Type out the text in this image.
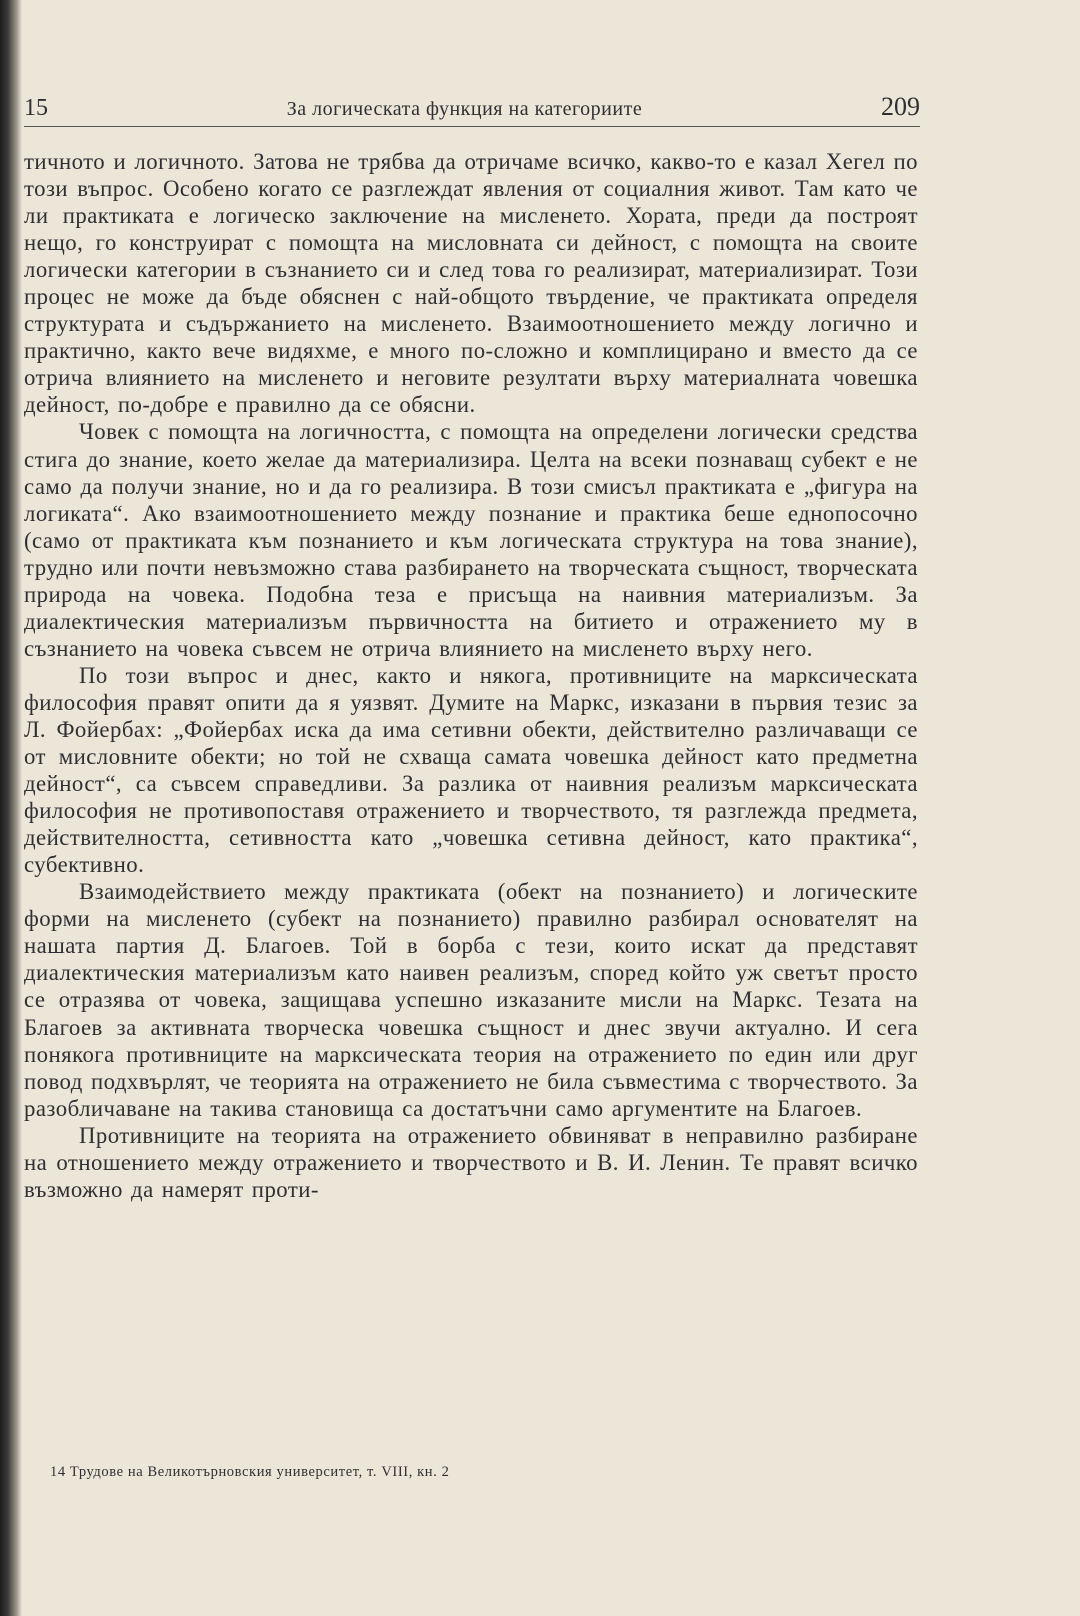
15	За логическата функция на категориите	209

тичното и логичното. Затова не трябва да отричаме всичко, какво-то е казал Хегел по този въпрос. Особено когато се разглеждат явления от социалния живот. Там като че ли практиката е логическо заключение на мисленето. Хората, преди да построят нещо, го конструират с помощта на мисловната си дейност, с помощта на своите логически категории в съзнанието си и след това го реализират, материализират. Този процес не може да бъде обяснен с най-общото твърдение, че практиката определя структурата и съдържанието на мисленето. Взаимоотношението между логично и практично, както вече видяхме, е много по-сложно и комплицирано и вместо да се отрича влиянието на мисленето и неговите резултати върху материалната човешка дейност, по-добре е правилно да се обясни.

Човек с помощта на логичността, с помощта на определени логически средства стига до знание, което желае да материализира. Целта на всеки познаващ субект е не само да получи знание, но и да го реализира. В този смисъл практиката е „фигура на логиката“. Ако взаимоотношението между познание и практика беше еднопосочно (само от практиката към познанието и към логическата структура на това знание), трудно или почти невъзможно става разбирането на творческата същност, творческата природа на човека. Подобна теза е присъща на наивния материализъм. За диалектическия материализъм първичността на битието и отражението му в съзнанието на човека съвсем не отрича влиянието на мисленето върху него.

По този въпрос и днес, както и някога, противниците на марксическата философия правят опити да я уязвят. Думите на Маркс, изказани в първия тезис за Л. Фойербах: „Фойербах иска да има сетивни обекти, действително различаващи се от мисловните обекти; но той не схваща самата човешка дейност като предметна дейност“, са съвсем справедливи. За разлика от наивния реализъм марксическата философия не противопоставя отражението и творчеството, тя разглежда предмета, действителността, сетивността като „човешка сетивна дейност, като практика“, субективно.

Взаимодействието между практиката (обект на познанието) и логическите форми на мисленето (субект на познанието) правилно разбирал основателят на нашата партия Д. Благоев. Той в борба с тези, които искат да представят диалектическия материализъм като наивен реализъм, според който уж светът просто се отразява от човека, защищава успешно изказаните мисли на Маркс. Тезата на Благоев за активната творческа човешка същност и днес звучи актуално. И сега понякога противниците на марксическата теория на отражението по един или друг повод подхвърлят, че теорията на отражението не била съвместима с творчеството. За разобличаване на такива становища са достатъчни само аргументите на Благоев.

Противниците на теорията на отражението обвиняват в неправилно разбиране на отношението между отражението и творчеството и В. И. Ленин. Те правят всичко възможно да намерят проти-

14 Трудове на Великотърновския университет, т. VIII, кн. 2
